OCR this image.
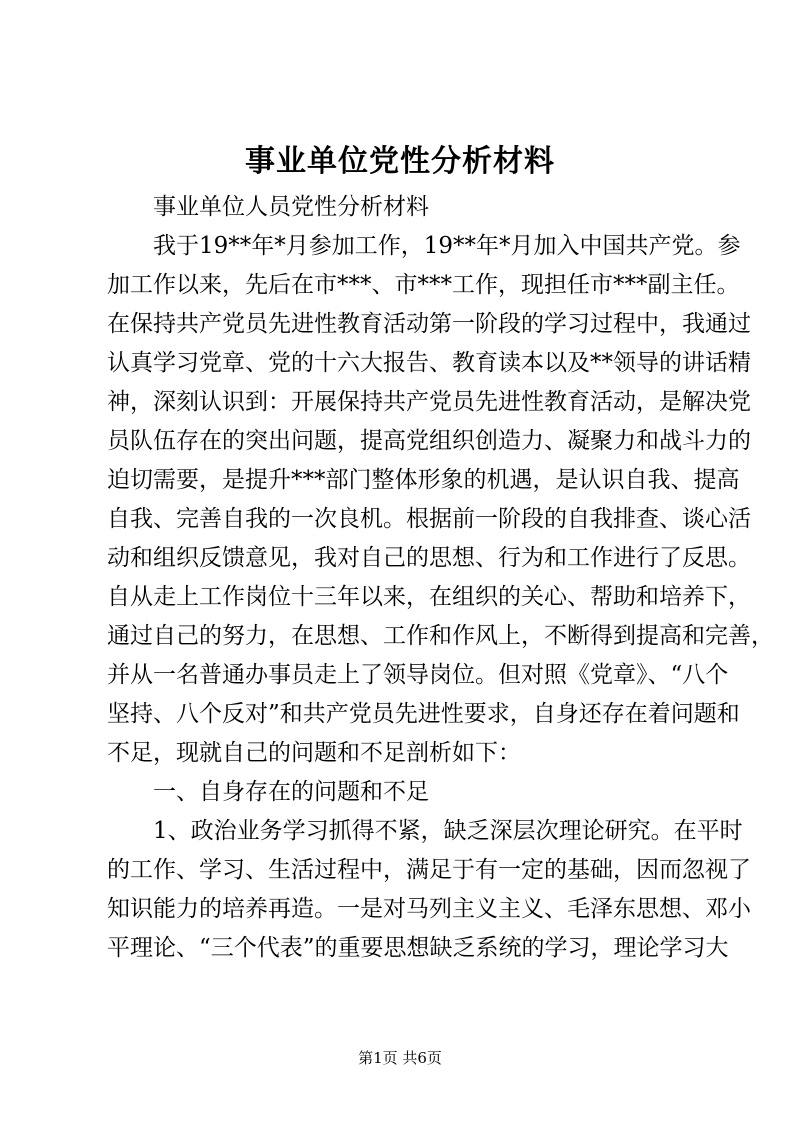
事业单位党性分析材料
　　事业单位人员党性分析材料
　　我于19**年*月参加工作，19**年*月加入中国共产党。参
加工作以来，先后在市***、市***工作，现担任市***副主任。
在保持共产党员先进性教育活动第一阶段的学习过程中，我通过
认真学习党章、党的十六大报告、教育读本以及**领导的讲话精
神，深刻认识到：开展保持共产党员先进性教育活动，是解决党
员队伍存在的突出问题，提高党组织创造力、凝聚力和战斗力的
迫切需要，是提升***部门整体形象的机遇，是认识自我、提高
自我、完善自我的一次良机。根据前一阶段的自我排查、谈心活
动和组织反馈意见，我对自己的思想、行为和工作进行了反思。
自从走上工作岗位十三年以来，在组织的关心、帮助和培养下，
通过自己的努力，在思想、工作和作风上，不断得到提高和完善，
并从一名普通办事员走上了领导岗位。但对照《党章》、“八个
坚持、八个反对”和共产党员先进性要求，自身还存在着问题和
不足，现就自己的问题和不足剖析如下：
　　一、自身存在的问题和不足
　　1、政治业务学习抓得不紧，缺乏深层次理论研究。在平时
的工作、学习、生活过程中，满足于有一定的基础，因而忽视了
知识能力的培养再造。一是对马列主义主义、毛泽东思想、邓小
平理论、“三个代表”的重要思想缺乏系统的学习，理论学习大
第1页 共6页
